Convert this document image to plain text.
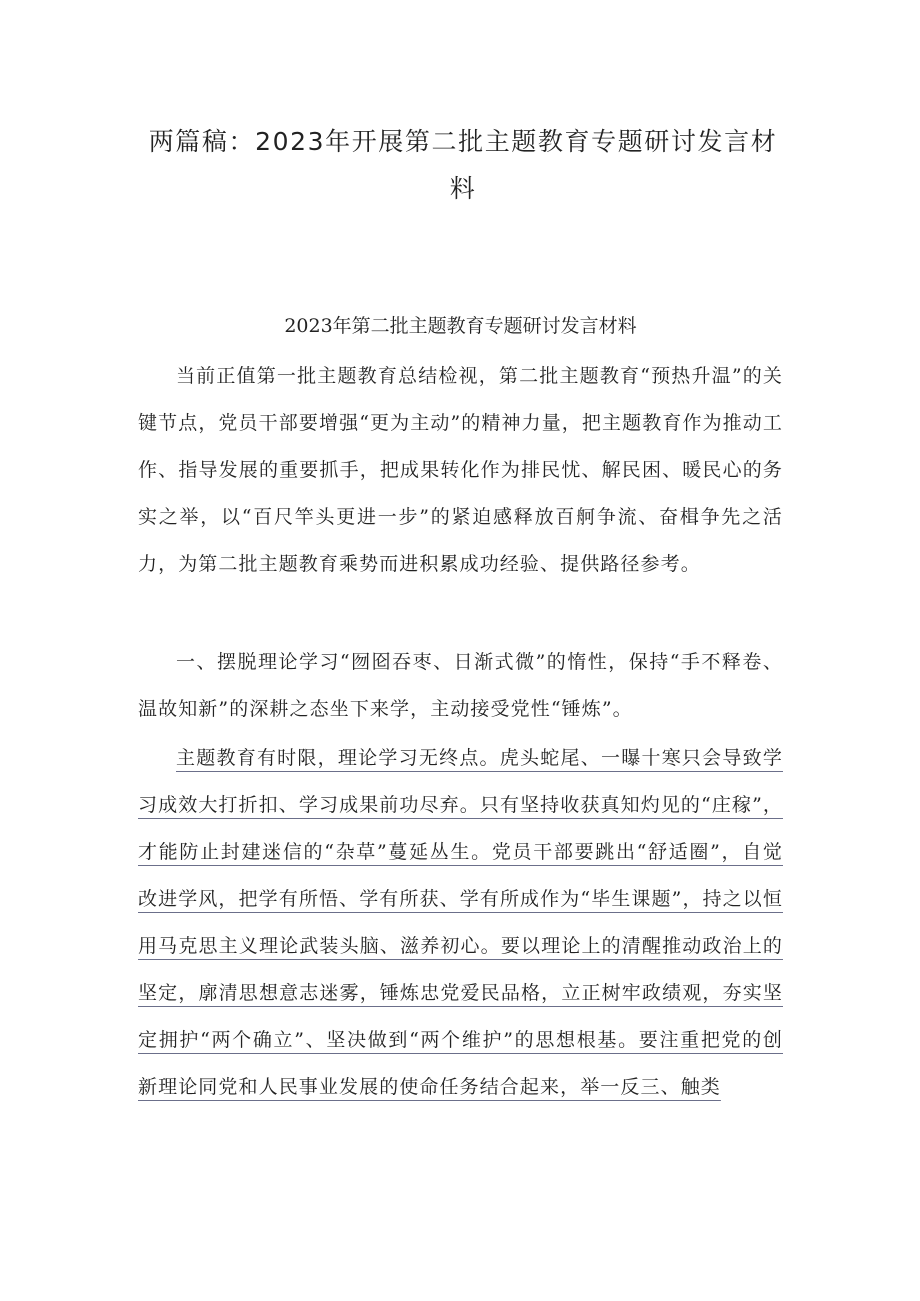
两篇稿：2023年开展第二批主题教育专题研讨发言材料
2023年第二批主题教育专题研讨发言材料

当前正值第一批主题教育总结检视，第二批主题教育“预热升温”的关键节点，党员干部要增强“更为主动”的精神力量，把主题教育作为推动工作、指导发展的重要抓手，把成果转化作为排民忧、解民困、暖民心的务实之举，以“百尺竿头更进一步”的紧迫感释放百舸争流、奋楫争先之活力，为第二批主题教育乘势而进积累成功经验、提供路径参考。

一、摆脱理论学习“囫囵吞枣、日渐式微”的惰性，保持“手不释卷、温故知新”的深耕之态坐下来学，主动接受党性“锤炼”。

主题教育有时限，理论学习无终点。虎头蛇尾、一曝十寒只会导致学习成效大打折扣、学习成果前功尽弃。只有坚持收获真知灼见的“庄稼”，才能防止封建迷信的“杂草”蔓延丛生。党员干部要跳出“舒适圈”，自觉改进学风，把学有所悟、学有所获、学有所成作为“毕生课题”，持之以恒用马克思主义理论武装头脑、滋养初心。要以理论上的清醒推动政治上的坚定，廓清思想意志迷雾，锤炼忠党爱民品格，立正树牢政绩观，夯实坚定拥护“两个确立”、坚决做到“两个维护”的思想根基。要注重把党的创新理论同党和人民事业发展的使命任务结合起来，举一反三、触类
